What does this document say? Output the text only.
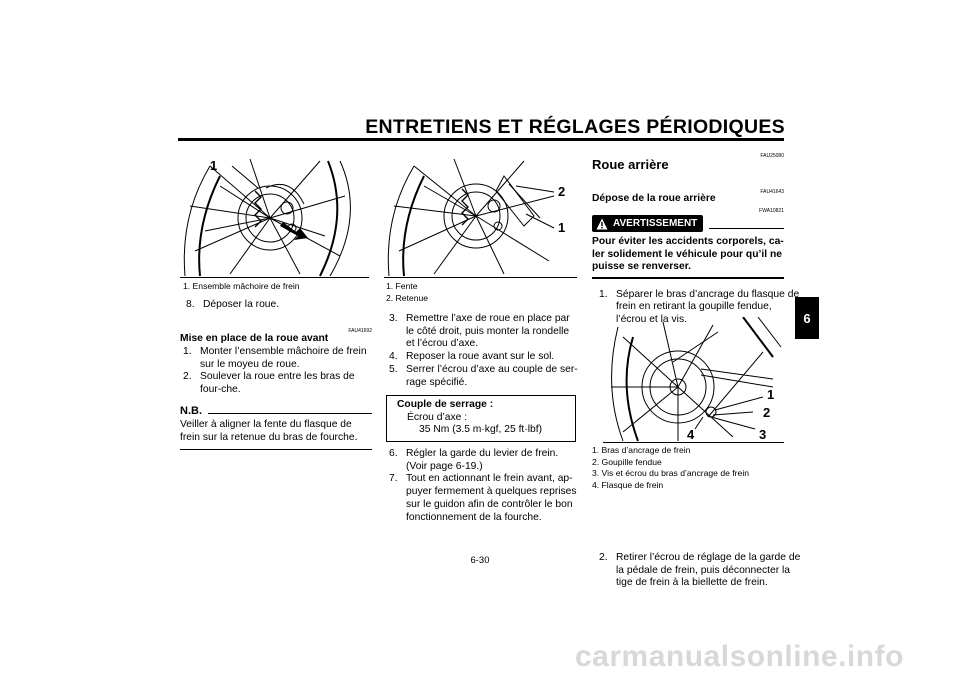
ENTRETIENS ET RÉGLAGES PÉRIODIQUES
6
1
1. Ensemble mâchoire de frein
8. Déposer la roue.
FAU41692
Mise en place de la roue avant
1. Monter l’ensemble mâchoire de frein sur le moyeu de roue.
2. Soulever la roue entre les bras de four-che.
N.B.
Veiller à aligner la fente du flasque de frein sur la retenue du bras de fourche.
2
1
1. Fente
2. Retenue
3. Remettre l’axe de roue en place par le côté droit, puis monter la rondelle et l’écrou d’axe.
4. Reposer la roue avant sur le sol.
5. Serrer l’écrou d’axe au couple de ser-rage spécifié.
Couple de serrage :
Écrou d’axe :
35 Nm (3.5 m·kgf, 25 ft·lbf)
6. Régler la garde du levier de frein. (Voir page 6-19.)
7. Tout en actionnant le frein avant, ap-puyer fermement à quelques reprises sur le guidon afin de contrôler le bon fonctionnement de la fourche.
FAU25080
Roue arrière
FAU41643
Dépose de la roue arrière
FWA10821
AVERTISSEMENT
Pour éviter les accidents corporels, ca-ler solidement le véhicule pour qu’il ne puisse se renverser.
1. Séparer le bras d’ancrage du flasque de frein en retirant la goupille fendue, l’écrou et la vis.
1
2
4	3
1. Bras d’ancrage de frein
2. Goupille fendue
3. Vis et écrou du bras d’ancrage de frein
4. Flasque de frein
2. Retirer l’écrou de réglage de la garde de la pédale de frein, puis déconnecter la tige de frein à la biellette de frein.
6-30
carmanualsonline.info
